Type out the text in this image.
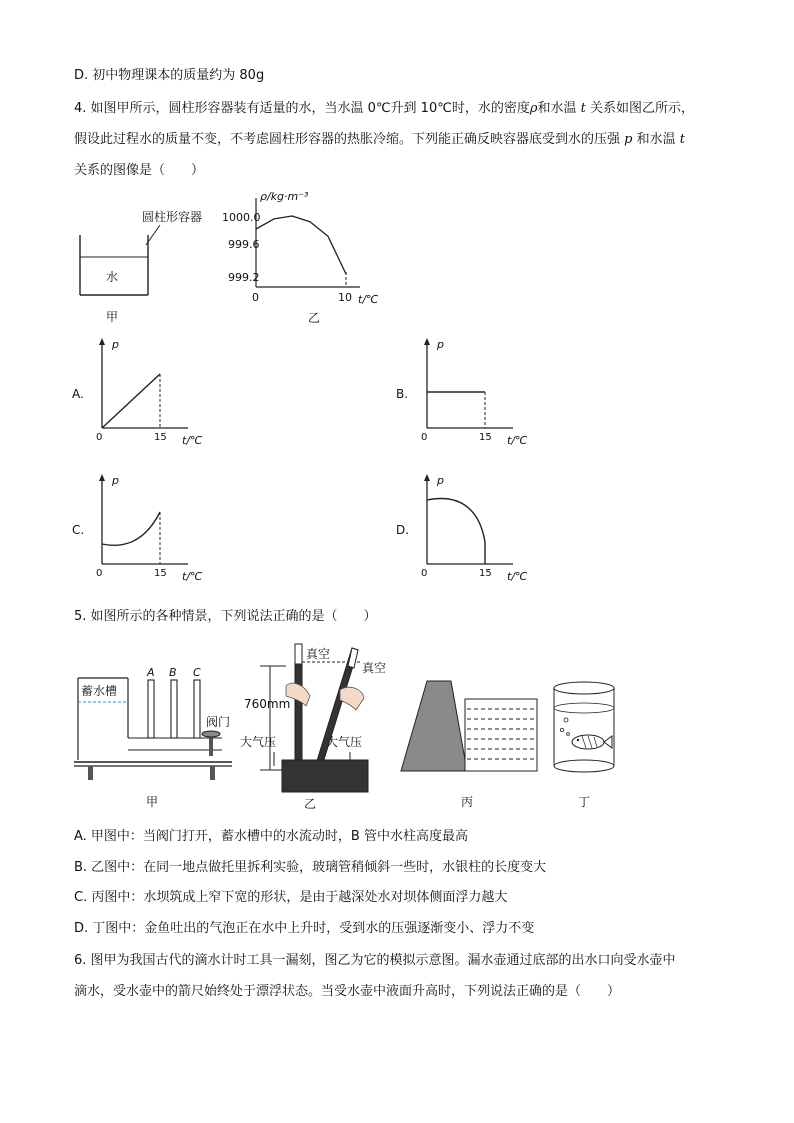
D. 初中物理课本的质量约为 80g
4. 如图甲所示，圆柱形容器装有适量的水，当水温 0℃升到 10℃时，水的密度ρ和水温 t 关系如图乙所示，
假设此过程水的质量不变，不考虑圆柱形容器的热胀冷缩。下列能正确反映容器底受到水的压强 p 和水温 t
关系的图像是（　　）
圆柱形容器
水
甲
ρ/kg·m⁻³
t/℃
1000.0
999.6
999.2
0	10
乙
A.
p
0	15 t/℃
B.
p
0	15 t/℃
C.
p
0	15 t/℃
D.
p
0	15 t/℃
5. 如图所示的各种情景，下列说法正确的是（　　）
蓄水槽
A B C
阀门
甲
760mm
真空
真空
大气压	大气压
乙	丙	丁
A. 甲图中：当阀门打开，蓄水槽中的水流动时，B 管中水柱高度最高
B. 乙图中：在同一地点做托里拆利实验，玻璃管稍倾斜一些时，水银柱的长度变大
C. 丙图中：水坝筑成上窄下宽的形状，是由于越深处水对坝体侧面浮力越大
D. 丁图中：金鱼吐出的气泡正在水中上升时，受到水的压强逐渐变小、浮力不变
6. 图甲为我国古代的滴水计时工具一漏刻，图乙为它的模拟示意图。漏水壶通过底部的出水口向受水壶中
滴水，受水壶中的箭尺始终处于漂浮状态。当受水壶中液面升高时，下列说法正确的是（　　）
